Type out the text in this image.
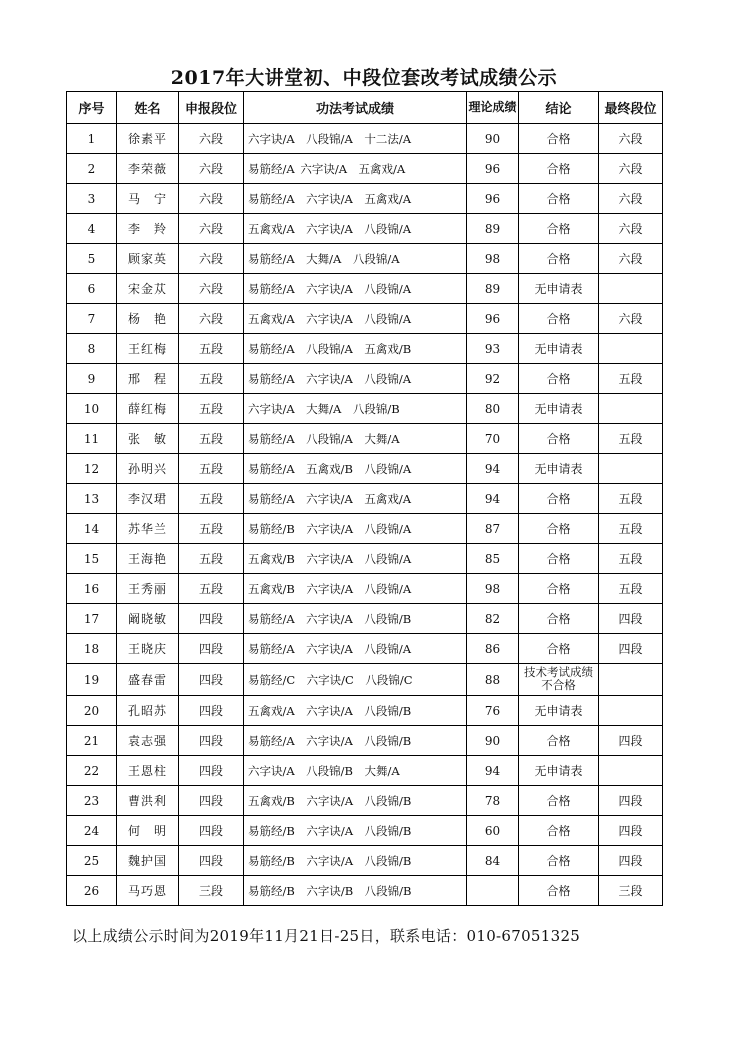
2017年大讲堂初、中段位套改考试成绩公示
序号	姓名	申报段位	功法考试成绩	理论成绩	结论	最终段位
1	徐素平	六段	六字诀/A　八段锦/A　十二法/A	90	合格	六段
2	李荣薇	六段	易筋经/A 六字诀/A　五禽戏/A	96	合格	六段
3	马　宁	六段	易筋经/A　六字诀/A　五禽戏/A	96	合格	六段
4	李　羚	六段	五禽戏/A　六字诀/A　八段锦/A	89	合格	六段
5	顾家英	六段	易筋经/A　大舞/A　八段锦/A	98	合格	六段
6	宋金苁	六段	易筋经/A　六字诀/A　八段锦/A	89	无申请表	
7	杨　艳	六段	五禽戏/A　六字诀/A　八段锦/A	96	合格	六段
8	王红梅	五段	易筋经/A　八段锦/A　五禽戏/B	93	无申请表	
9	邢　程	五段	易筋经/A　六字诀/A　八段锦/A	92	合格	五段
10	薛红梅	五段	六字诀/A　大舞/A　八段锦/B	80	无申请表	
11	张　敏	五段	易筋经/A　八段锦/A　大舞/A	70	合格	五段
12	孙明兴	五段	易筋经/A　五禽戏/B　八段锦/A	94	无申请表	
13	李汉珺	五段	易筋经/A　六字诀/A　五禽戏/A	94	合格	五段
14	苏华兰	五段	易筋经/B　六字诀/A　八段锦/A	87	合格	五段
15	王海艳	五段	五禽戏/B　六字诀/A　八段锦/A	85	合格	五段
16	王秀丽	五段	五禽戏/B　六字诀/A　八段锦/A	98	合格	五段
17	阚晓敏	四段	易筋经/A　六字诀/A　八段锦/B	82	合格	四段
18	王晓庆	四段	易筋经/A　六字诀/A　八段锦/A	86	合格	四段
19	盛春雷	四段	易筋经/C　六字诀/C　八段锦/C	88	技术考试成绩不合格	
20	孔昭苏	四段	五禽戏/A　六字诀/A　八段锦/B	76	无申请表	
21	袁志强	四段	易筋经/A　六字诀/A　八段锦/B	90	合格	四段
22	王恩柱	四段	六字诀/A　八段锦/B　大舞/A	94	无申请表	
23	曹洪利	四段	五禽戏/B　六字诀/A　八段锦/B	78	合格	四段
24	何　明	四段	易筋经/B　六字诀/A　八段锦/B	60	合格	四段
25	魏护国	四段	易筋经/B　六字诀/A　八段锦/B	84	合格	四段
26	马巧恩	三段	易筋经/B　六字诀/B　八段锦/B		合格	三段
以上成绩公示时间为2019年11月21日-25日，联系电话：010-67051325
